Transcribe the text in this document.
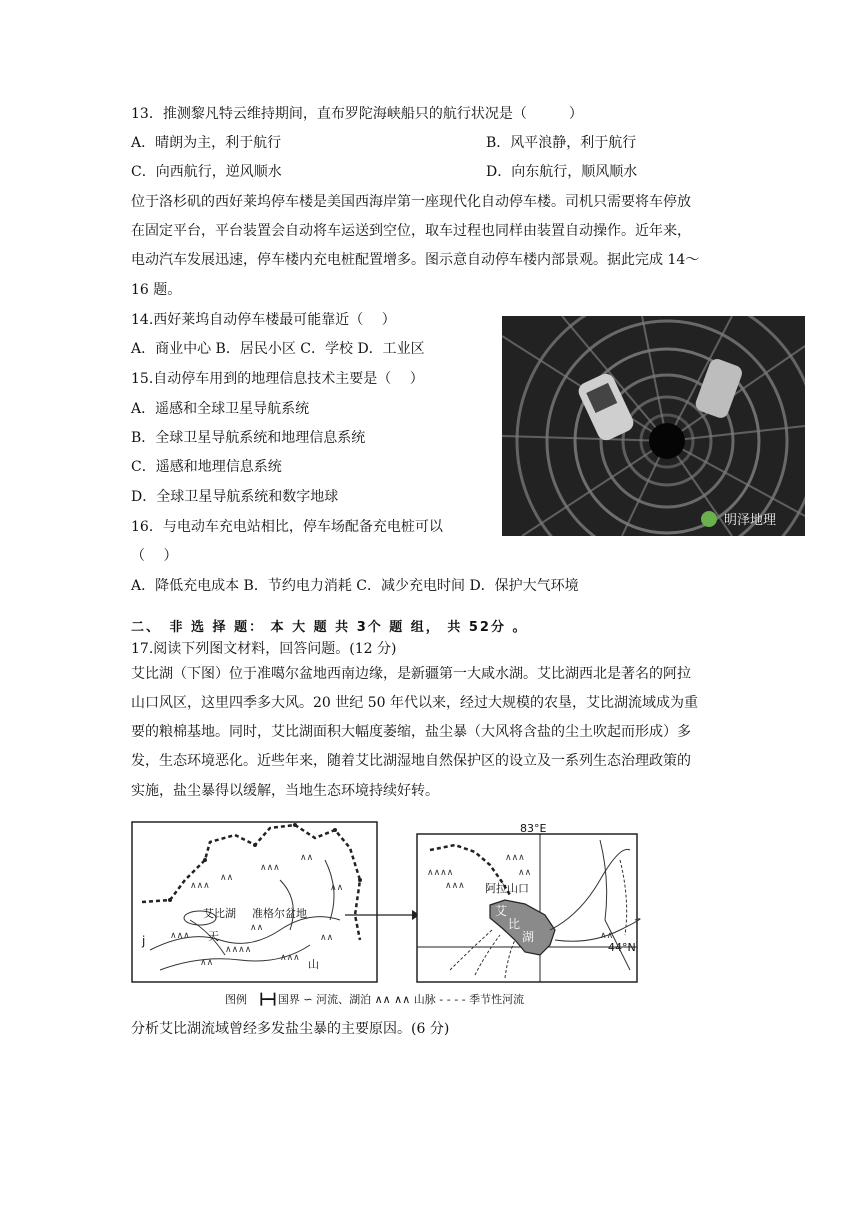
13．推测黎凡特云维持期间，直布罗陀海峡船只的航行状况是（　　　）
A．晴朗为主，利于航行	B．风平浪静，利于航行
C．向西航行，逆风顺水	D．向东航行，顺风顺水
位于洛杉矶的西好莱坞停车楼是美国西海岸第一座现代化自动停车楼。司机只需要将车停放
在固定平台，平台装置会自动将车运送到空位，取车过程也同样由装置自动操作。近年来，
电动汽车发展迅速，停车楼内充电桩配置增多。图示意自动停车楼内部景观。据此完成 14～
16 题。
14.西好莱坞自动停车楼最可能靠近（　 ）
A．商业中心 B．居民小区 C．学校 D．工业区
15.自动停车用到的地理信息技术主要是（　 ）
A．遥感和全球卫星导航系统
B．全球卫星导航系统和地理信息系统
C．遥感和地理信息系统
D．全球卫星导航系统和数字地球
16．与电动车充电站相比，停车场配备充电桩可以
（　 ）
A．降低充电成本 B．节约电力消耗 C．减少充电时间 D．保护大气环境
明泽地理
二、　非 选 择 题： 本 大 题 共 3个 题 组， 共 52分 。
17.阅读下列图文材料，回答问题。(12 分)
艾比湖（下图）位于准噶尔盆地西南边缘，是新疆第一大咸水湖。艾比湖西北是著名的阿拉
山口风区，这里四季多大风。20 世纪 50 年代以来，经过大规模的农垦，艾比湖流域成为重
要的粮棉基地。同时，艾比湖面积大幅度萎缩，盐尘暴（大风将含盐的尘土吹起而形成）多
发，生态环境恶化。近些年来，随着艾比湖湿地自然保护区的设立及一系列生态治理政策的
实施，盐尘暴得以缓解，当地生态环境持续好转。
∧∧∧
∧∧
∧∧∧
∧∧
∧∧
∧∧∧
∧∧∧∧
∧∧∧
∧∧
∧∧
∧∧
艾比湖 准格尔盆地
天
山
j
83°E
44°N
∧∧∧∧
∧∧∧
∧∧∧
∧∧
∧∧
阿拉山口
艾
比
湖
图例　┣━┫国界 ∽ 河流、湖泊 ∧∧ ∧∧ 山脉 - - - - 季节性河流
分析艾比湖流域曾经多发盐尘暴的主要原因。(6 分)
